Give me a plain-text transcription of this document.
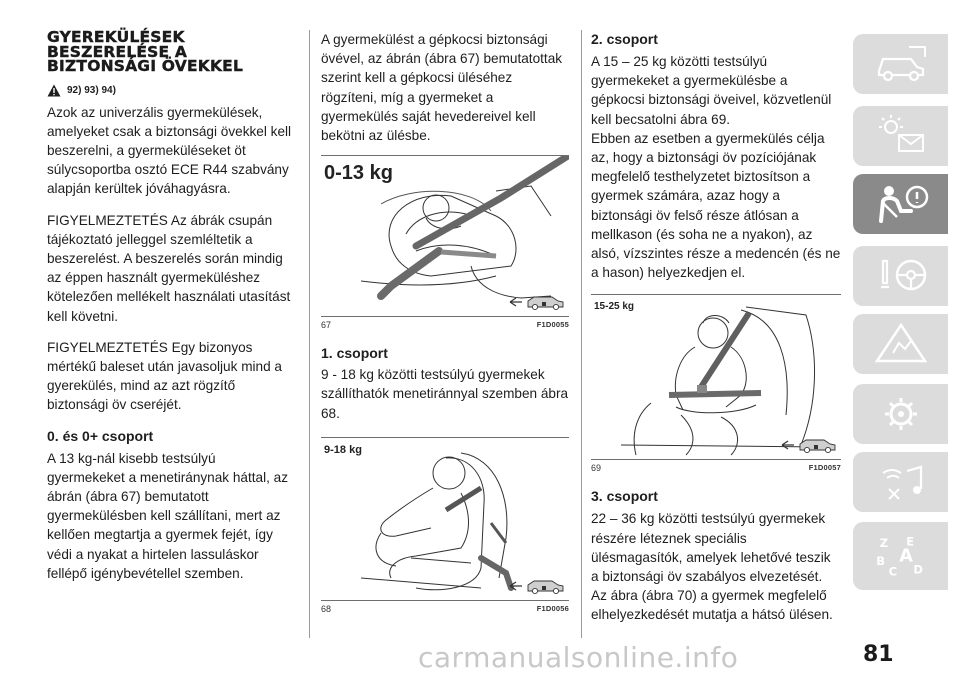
GYEREKÜLÉSEK
BESZERELÉSE A
BIZTONSÁGI ÖVEKKEL
92) 93) 94)

Azok az univerzális gyermekülések, amelyeket csak a biztonsági övekkel kell beszerelni, a gyermeküléseket öt súlycsoportba osztó ECE R44 szabvány alapján kerültek jóváhagyásra.

FIGYELMEZTETÉS Az ábrák csupán tájékoztató jelleggel szemléltetik a beszerelést. A beszerelés során mindig az éppen használt gyermeküléshez kötelezően mellékelt használati utasítást kell követni.

FIGYELMEZTETÉS Egy bizonyos mértékű baleset után javasoljuk mind a gyerekülés, mind az azt rögzítő biztonsági öv cseréjét.

0. és 0+ csoport

A 13 kg-nál kisebb testsúlyú gyermekeket a menetiránynak háttal, az ábrán (ábra 67) bemutatott gyermekülésben kell szállítani, mert az kellően megtartja a gyermek fejét, így védi a nyakat a hirtelen lassuláskor fellépő igénybevétellel szemben.

A gyermekülést a gépkocsi biztonsági övével, az ábrán (ábra 67) bemutatottak szerint kell a gépkocsi üléséhez rögzíteni, míg a gyermeket a gyermekülés saját hevedereivel kell bekötni az ülésbe.

0-13 kg
67	F1D0055
1. csoport

9 - 18 kg közötti testsúlyú gyermekek szállíthatók menetiránnyal szemben ábra 68.

9-18 kg
68	F1D0056
2. csoport

A 15 – 25 kg közötti testsúlyú gyermekeket a gyermekülésbe a gépkocsi biztonsági öveivel, közvetlenül kell becsatolni ábra 69.

Ebben az esetben a gyermekülés célja az, hogy a biztonsági öv pozíciójának megfelelő testhelyzetet biztosítson a gyermek számára, azaz hogy a biztonsági öv felső része átlósan a mellkason (és soha ne a nyakon), az alsó, vízszintes része a medencén (és ne a hason) helyezkedjen el.

15-25 kg
69	F1D0057
3. csoport

22 – 36 kg közötti testsúlyú gyermekek részére léteznek speciális ülésmagasítók, amelyek lehetővé teszik a biztonsági öv szabályos elvezetését. Az ábra (ábra 70) a gyermek megfelelő elhelyezkedését mutatja a hátsó ülésen.

Z E
A
B
C D
carmanualsonline.info	81
